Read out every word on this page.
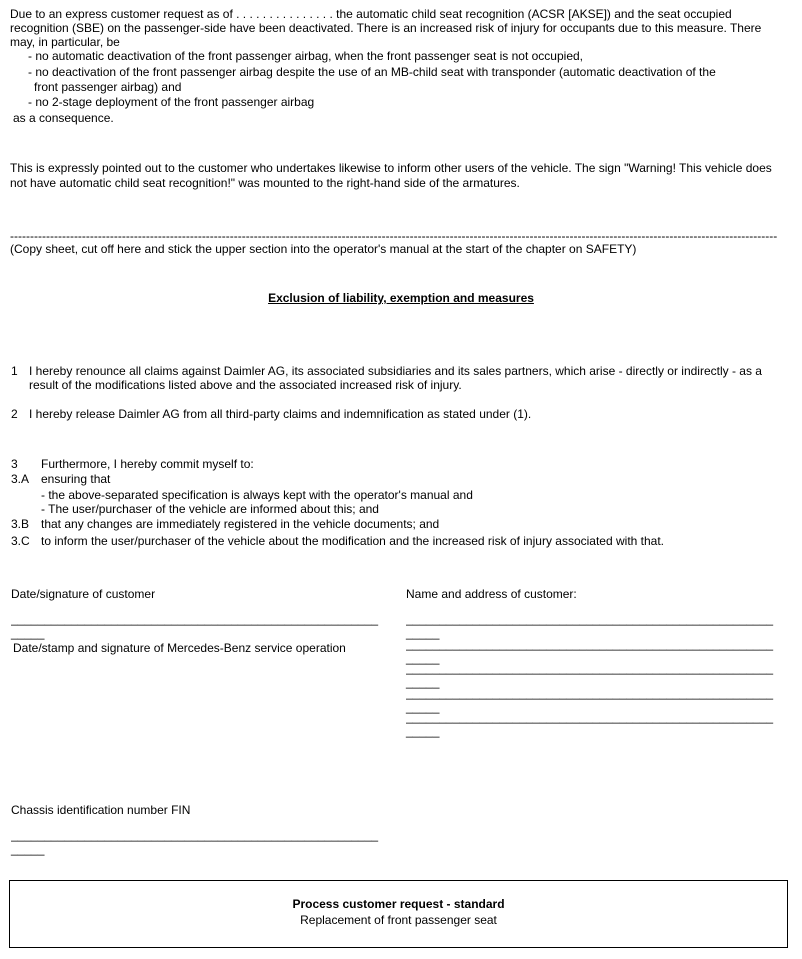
Due to an express customer request as of . . . . . . . . . . . . . . . the automatic child seat recognition (ACSR [AKSE]) and the seat occupied
recognition (SBE) on the passenger-side have been deactivated. There is an increased risk of injury for occupants due to this measure. There
may, in particular, be
- no automatic deactivation of the front passenger airbag, when the front passenger seat is not occupied,
- no deactivation of the front passenger airbag despite the use of an MB-child seat with transponder (automatic deactivation of the
front passenger airbag) and
- no 2-stage deployment of the front passenger airbag
as a consequence.
This is expressly pointed out to the customer who undertakes likewise to inform other users of the vehicle. The sign "Warning! This vehicle does
not have automatic child seat recognition!" was mounted to the right-hand side of the armatures.
------------------------------------------------------------------------------------------------------------------------------------------------------------------------------------------------
(Copy sheet, cut off here and stick the upper section into the operator's manual at the start of the chapter on SAFETY)
Exclusion of liability, exemption and measures
1 I hereby renounce all claims against Daimler AG, its associated subsidiaries and its sales partners, which arise - directly or indirectly - as a
result of the modifications listed above and the associated increased risk of injury.
2 I hereby release Daimler AG from all third-party claims and indemnification as stated under (1).
3 Furthermore, I hereby commit myself to:
3.A ensuring that
- the above-separated specification is always kept with the operator's manual and
- The user/purchaser of the vehicle are informed about this; and
3.B that any changes are immediately registered in the vehicle documents; and
3.C to inform the user/purchaser of the vehicle about the modification and the increased risk of injury associated with that.
Date/signature of customer
_______________________________________________________
_____
Date/stamp and signature of Mercedes-Benz service operation
Name and address of customer:
_______________________________________________________
_____
_______________________________________________________
_____
_______________________________________________________
_____
_______________________________________________________
_____
_______________________________________________________
_____
Chassis identification number FIN
_______________________________________________________
_____
Process customer request - standard
Replacement of front passenger seat
